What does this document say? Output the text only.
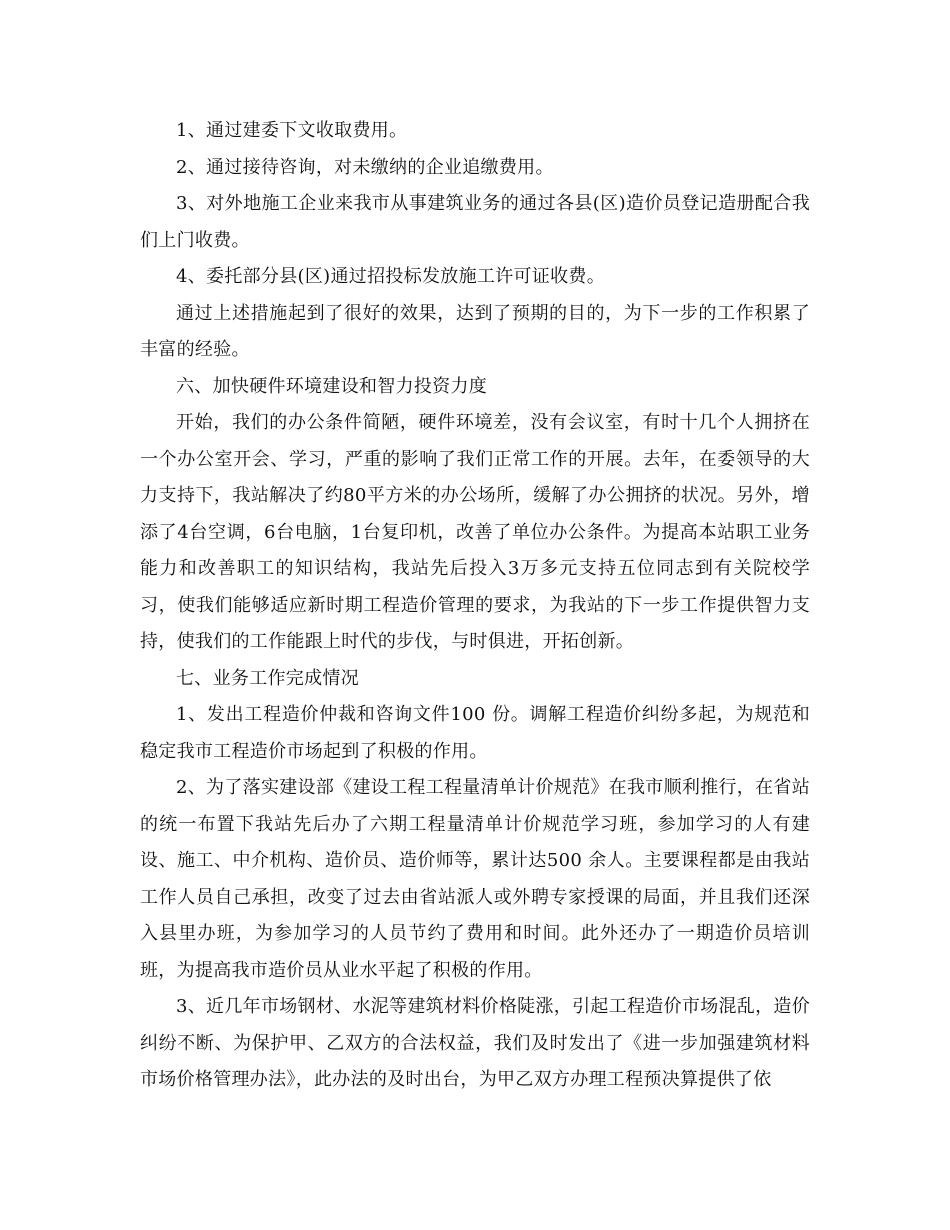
1、通过建委下文收取费用。

2、通过接待咨询，对未缴纳的企业追缴费用。

3、对外地施工企业来我市从事建筑业务的通过各县(区)造价员登记造册配合我们上门收费。

4、委托部分县(区)通过招投标发放施工许可证收费。

通过上述措施起到了很好的效果，达到了预期的目的，为下一步的工作积累了丰富的经验。

六、加快硬件环境建设和智力投资力度

开始，我们的办公条件简陋，硬件环境差，没有会议室，有时十几个人拥挤在一个办公室开会、学习，严重的影响了我们正常工作的开展。去年，在委领导的大力支持下，我站解决了约80平方米的办公场所，缓解了办公拥挤的状况。另外，增添了4台空调，6台电脑，1台复印机，改善了单位办公条件。为提高本站职工业务能力和改善职工的知识结构，我站先后投入3万多元支持五位同志到有关院校学习，使我们能够适应新时期工程造价管理的要求，为我站的下一步工作提供智力支持，使我们的工作能跟上时代的步伐，与时俱进，开拓创新。

七、业务工作完成情况

1、发出工程造价仲裁和咨询文件100 份。调解工程造价纠纷多起，为规范和稳定我市工程造价市场起到了积极的作用。

2、为了落实建设部《建设工程工程量清单计价规范》在我市顺利推行，在省站的统一布置下我站先后办了六期工程量清单计价规范学习班，参加学习的人有建设、施工、中介机构、造价员、造价师等，累计达500 余人。主要课程都是由我站工作人员自己承担，改变了过去由省站派人或外聘专家授课的局面，并且我们还深入县里办班，为参加学习的人员节约了费用和时间。此外还办了一期造价员培训班，为提高我市造价员从业水平起了积极的作用。

3、近几年市场钢材、水泥等建筑材料价格陡涨，引起工程造价市场混乱，造价纠纷不断、为保护甲、乙双方的合法权益，我们及时发出了《进一步加强建筑材料市场价格管理办法》，此办法的及时出台，为甲乙双方办理工程预决算提供了依
